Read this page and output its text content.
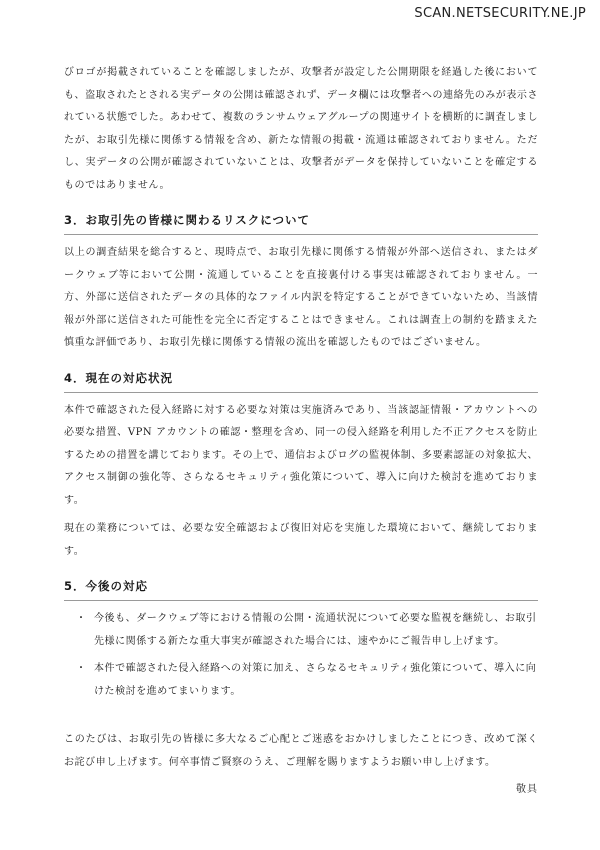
SCAN.NETSECURITY.NE.JP

びロゴが掲載されていることを確認しましたが、攻撃者が設定した公開期限を経過した後においても、盗取されたとされる実データの公開は確認されず、データ欄には攻撃者への連絡先のみが表示されている状態でした。あわせて、複数のランサムウェアグループの関連サイトを横断的に調査しましたが、お取引先様に関係する情報を含め、新たな情報の掲載・流通は確認されておりません。ただし、実データの公開が確認されていないことは、攻撃者がデータを保持していないことを確定するものではありません。

3．お取引先の皆様に関わるリスクについて

以上の調査結果を総合すると、現時点で、お取引先様に関係する情報が外部へ送信され、またはダークウェブ等において公開・流通していることを直接裏付ける事実は確認されておりません。一方、外部に送信されたデータの具体的なファイル内訳を特定することができていないため、当該情報が外部に送信された可能性を完全に否定することはできません。これは調査上の制約を踏まえた慎重な評価であり、お取引先様に関係する情報の流出を確認したものではございません。

4．現在の対応状況

本件で確認された侵入経路に対する必要な対策は実施済みであり、当該認証情報・アカウントへの必要な措置、VPN アカウントの確認・整理を含め、同一の侵入経路を利用した不正アクセスを防止するための措置を講じております。その上で、通信およびログの監視体制、多要素認証の対象拡大、アクセス制御の強化等、さらなるセキュリティ強化策について、導入に向けた検討を進めております。

現在の業務については、必要な安全確認および復旧対応を実施した環境において、継続しております。

5．今後の対応
・ 今後も、ダークウェブ等における情報の公開・流通状況について必要な監視を継続し、お取引先様に関係する新たな重大事実が確認された場合には、速やかにご報告申し上げます。
・ 本件で確認された侵入経路への対策に加え、さらなるセキュリティ強化策について、導入に向けた検討を進めてまいります。

このたびは、お取引先の皆様に多大なるご心配とご迷惑をおかけしましたことにつき、改めて深くお詫び申し上げます。何卒事情ご賢察のうえ、ご理解を賜りますようお願い申し上げます。

敬具
